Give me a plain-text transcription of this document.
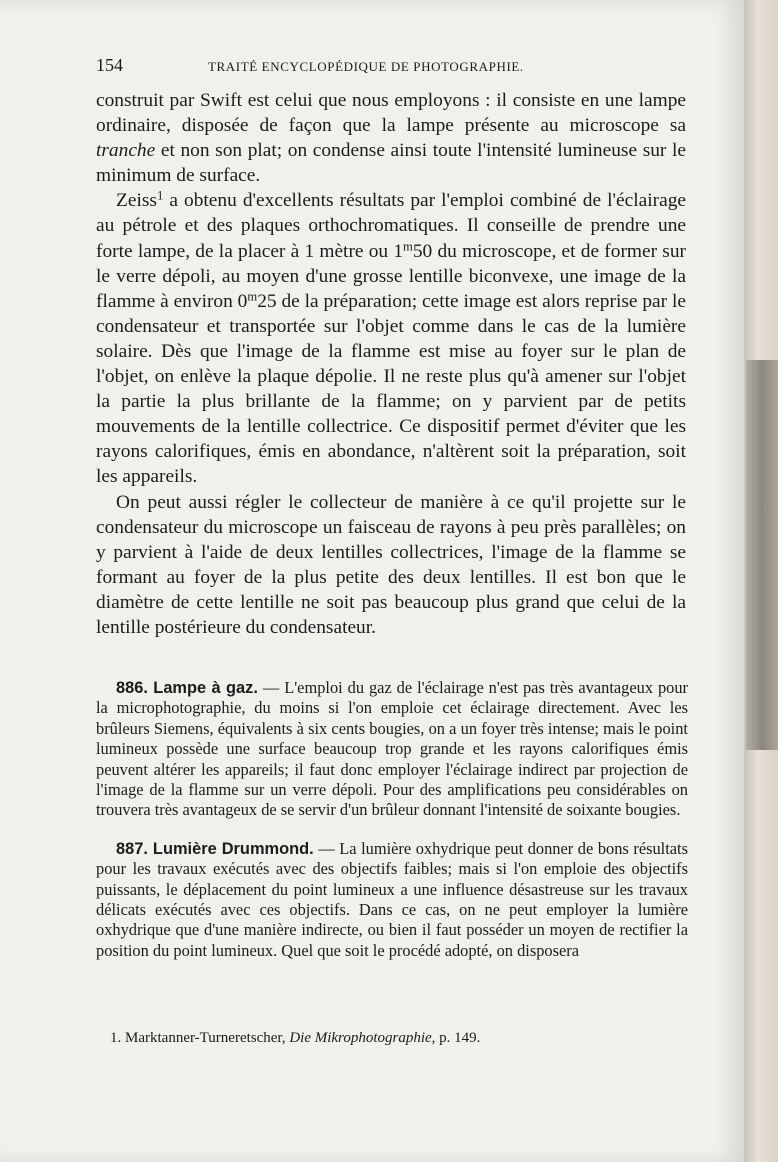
154	TRAITÉ ENCYCLOPÉDIQUE DE PHOTOGRAPHIE.

construit par Swift est celui que nous employons : il consiste en une lampe ordinaire, disposée de façon que la lampe présente au microscope sa tranche et non son plat; on condense ainsi toute l'intensité lumineuse sur le minimum de surface.

Zeiss$^1$ a obtenu d'excellents résultats par l'emploi combiné de l'éclairage au pétrole et des plaques orthochromatiques. Il conseille de prendre une forte lampe, de la placer à 1 mètre ou 1$^m$50 du microscope, et de former sur le verre dépoli, au moyen d'une grosse lentille biconvexe, une image de la flamme à environ 0$^m$25 de la préparation; cette image est alors reprise par le condensateur et transportée sur l'objet comme dans le cas de la lumière solaire. Dès que l'image de la flamme est mise au foyer sur le plan de l'objet, on enlève la plaque dépolie. Il ne reste plus qu'à amener sur l'objet la partie la plus brillante de la flamme; on y parvient par de petits mouvements de la lentille collectrice. Ce dispositif permet d'éviter que les rayons calorifiques, émis en abondance, n'altèrent soit la préparation, soit les appareils.

On peut aussi régler le collecteur de manière à ce qu'il projette sur le condensateur du microscope un faisceau de rayons à peu près parallèles; on y parvient à l'aide de deux lentilles collectrices, l'image de la flamme se formant au foyer de la plus petite des deux lentilles. Il est bon que le diamètre de cette lentille ne soit pas beaucoup plus grand que celui de la lentille postérieure du condensateur.

886. Lampe à gaz. — L'emploi du gaz de l'éclairage n'est pas très avantageux pour la microphotographie, du moins si l'on emploie cet éclairage directement. Avec les brûleurs Siemens, équivalents à six cents bougies, on a un foyer très intense; mais le point lumineux possède une surface beaucoup trop grande et les rayons calorifiques émis peuvent altérer les appareils; il faut donc employer l'éclairage indirect par projection de l'image de la flamme sur un verre dépoli. Pour des amplifications peu considérables on trouvera très avantageux de se servir d'un brûleur donnant l'intensité de soixante bougies.

887. Lumière Drummond. — La lumière oxhydrique peut donner de bons résultats pour les travaux exécutés avec des objectifs faibles; mais si l'on emploie des objectifs puissants, le déplacement du point lumineux a une influence désastreuse sur les travaux délicats exécutés avec ces objectifs. Dans ce cas, on ne peut employer la lumière oxhydrique que d'une manière indirecte, ou bien il faut posséder un moyen de rectifier la position du point lumineux. Quel que soit le procédé adopté, on disposera

1. Marktanner-Turneretscher, Die Mikrophotographie, p. 149.
